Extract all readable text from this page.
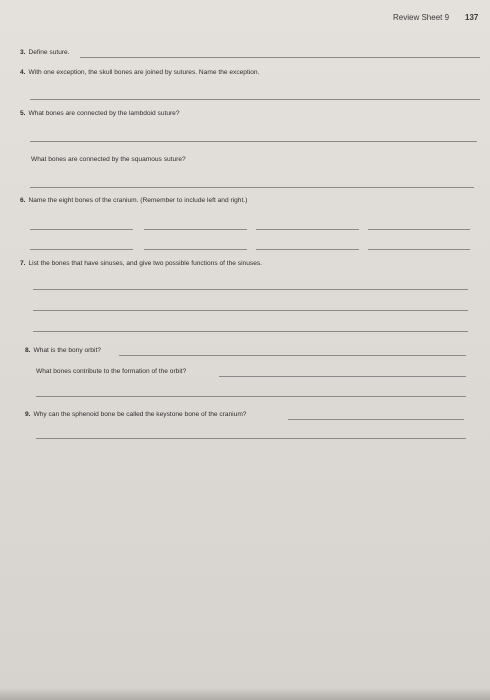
Review Sheet 9 137
3. Define suture.
4. With one exception, the skull bones are joined by sutures. Name the exception.
5. What bones are connected by the lambdoid suture?
What bones are connected by the squamous suture?
6. Name the eight bones of the cranium. (Remember to include left and right.)
7. List the bones that have sinuses, and give two possible functions of the sinuses.
8. What is the bony orbit?
What bones contribute to the formation of the orbit?
9. Why can the sphenoid bone be called the keystone bone of the cranium?
